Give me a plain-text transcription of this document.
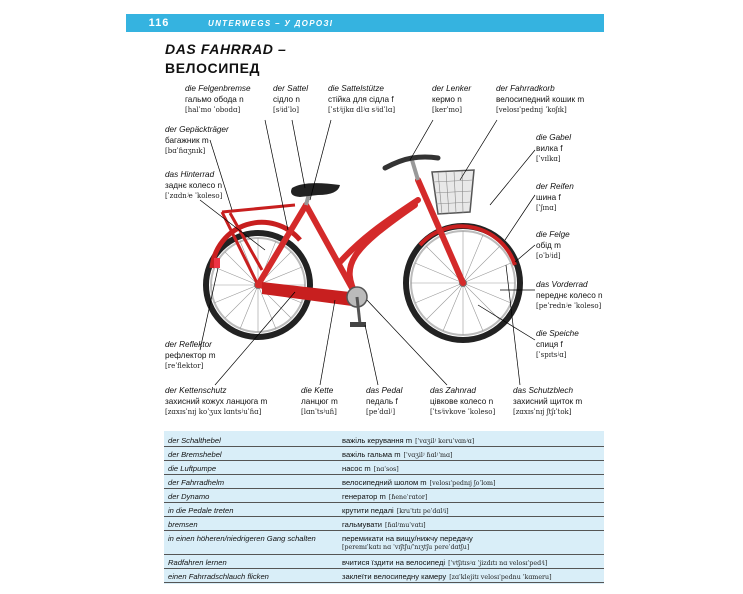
116	UNTERWEGS – У ДОРОЗІ
DAS FAHRRAD –
ВЕЛОСИПЕД
die Felgenbremse
гальмо обода n
[halˈmo ˈobodɑ]
der Sattel
сідло n
[sʲidˈlo]
die Sattelstütze
стійка для сідла f
[ˈstʲijkɑ dlʲɑ sʲidˈlɑ]
der Lenker
кермо n
[kerˈmo]
der Fahrradkorb
велосипедний кошик m
[velosɪˈpednɪj ˈkoʃɪk]
der Gepäckträger
багажник m
[bɑˈɦɑʒnɪk]
das Hinterrad
заднє колесо n
[ˈzɑdnʲe ˈkoleso]
die Gabel
вилка f
[ˈvɪlkɑ]
der Reifen
шина f
[ˈʃɪnɑ]
die Felge
обід m
[oˈbʲid]
das Vorderrad
переднє колесо n
[peˈrednʲe ˈkoleso]
die Speiche
спиця f
[ˈspɪtsʲɑ]
der Reflektor
рефлектор m
[reˈflektor]
der Kettenschutz
захисний кожух ланцюга m
[zɑxɪsˈnɪj koˈʒux lɑntsʲuˈɦɑ]
die Kette
ланцюг m
[lɑnˈtsʲuɦ]
das Pedal
педаль f
[peˈdɑlʲ]
das Zahnrad
цівкове колесо n
[ˈtsʲivkove ˈkoleso]
das Schutzblech
захисний щиток m
[zɑxɪsˈnɪj ʃtʃɪˈtok]
der Schalthebel	важіль керування m [ˈvɑʒilʲ keruˈvɑnʲɑ]
der Bremshebel	важіль гальма m [ˈvɑʒilʲ ɦɑlʲˈmɑ]
die Luftpumpe	насос m [nɑˈsos]
der Fahrradhelm	велосипедний шолом m [velosɪˈpednɪj ʃoˈlom]
der Dynamo	генератор m [ɦeneˈrɑtor]
in die Pedale treten	крутити педалі [kruˈtɪtɪ peˈdɑlʲi]
bremsen	гальмувати [ɦɑlʲmuˈvɑtɪ]
in einen höheren/niedrigeren Gang schalten	перемикати на вищу/нижчу передачу
[peremɪˈkɑtɪ nɑ ˈvɪʃtʃu/ˈnɪʒtʃu pereˈdɑtʃu]
Radfahren lernen	вчитися їздити на велосипеді [ˈvtʃɪtɪsʲɑ ˈjizdɪtɪ nɑ velosɪˈpedʲi]
einen Fahrradschlauch flicken	заклеїти велосипедну камеру [zɑˈklejitɪ velosɪˈpednu ˈkɑmeru]
